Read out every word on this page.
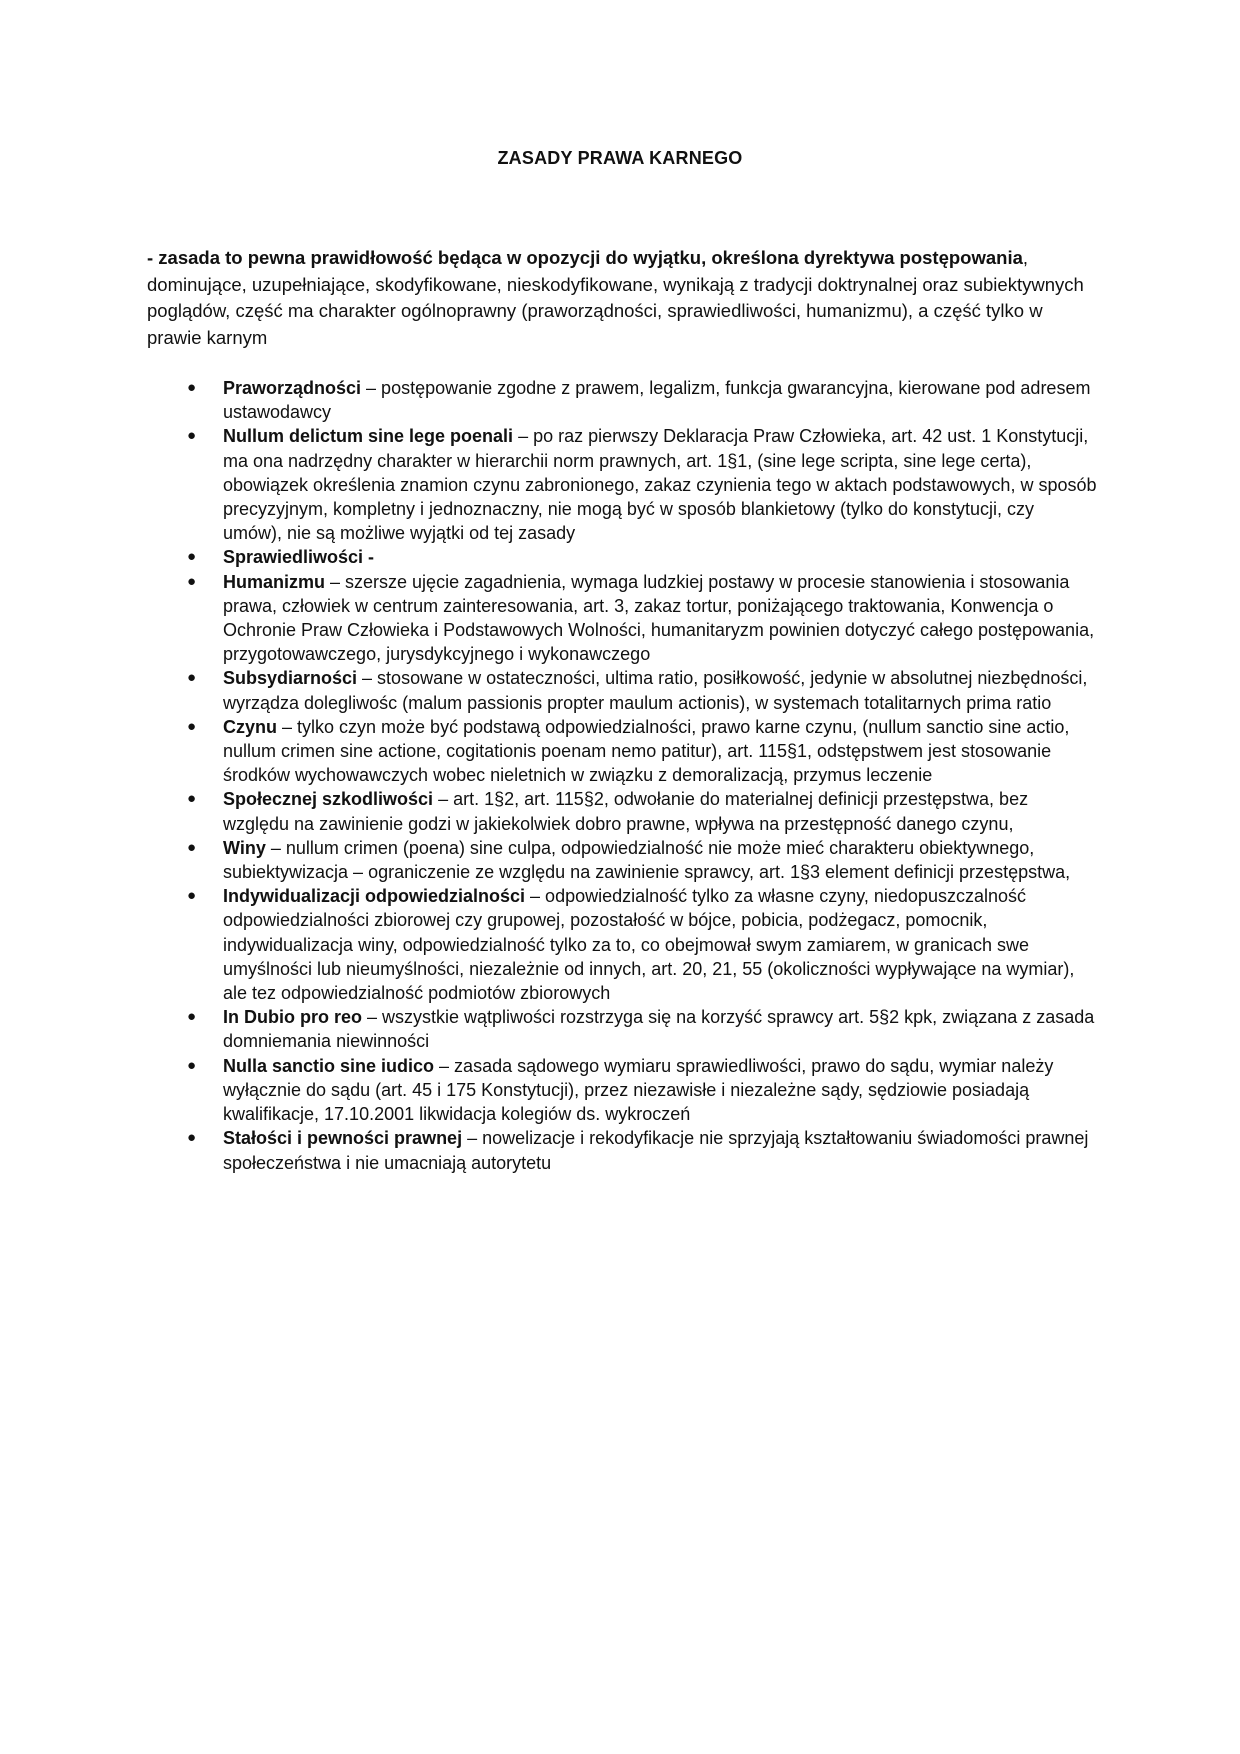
ZASADY PRAWA KARNEGO

- zasada to pewna prawidłowość będąca w opozycji do wyjątku, określona dyrektywa postępowania, dominujące, uzupełniające, skodyfikowane, nieskodyfikowane, wynikają z tradycji doktrynalnej oraz subiektywnych poglądów, część ma charakter ogólnoprawny (praworządności, sprawiedliwości, humanizmu), a część tylko w prawie karnym

● Praworządności – postępowanie zgodne z prawem, legalizm, funkcja gwarancyjna, kierowane pod adresem ustawodawcy
● Nullum delictum sine lege poenali – po raz pierwszy Deklaracja Praw Człowieka, art. 42 ust. 1 Konstytucji, ma ona nadrzędny charakter w hierarchii norm prawnych, art. 1§1, (sine lege scripta, sine lege certa), obowiązek określenia znamion czynu zabronionego, zakaz czynienia tego w aktach podstawowych, w sposób precyzyjnym, kompletny i jednoznaczny, nie mogą być w sposób blankietowy (tylko do konstytucji, czy umów), nie są możliwe wyjątki od tej zasady
● Sprawiedliwości -
● Humanizmu – szersze ujęcie zagadnienia, wymaga ludzkiej postawy w procesie stanowienia i stosowania prawa, człowiek w centrum zainteresowania, art. 3, zakaz tortur, poniżającego traktowania, Konwencja o Ochronie Praw Człowieka i Podstawowych Wolności, humanitaryzm powinien dotyczyć całego postępowania, przygotowawczego, jurysdykcyjnego i wykonawczego
● Subsydiarności – stosowane w ostateczności, ultima ratio, posiłkowość, jedynie w absolutnej niezbędności, wyrządza dolegliwośc (malum passionis propter maulum actionis), w systemach totalitarnych prima ratio
● Czynu – tylko czyn może być podstawą odpowiedzialności, prawo karne czynu, (nullum sanctio sine actio, nullum crimen sine actione, cogitationis poenam nemo patitur), art. 115§1, odstępstwem jest stosowanie środków wychowawczych wobec nieletnich w związku z demoralizacją, przymus leczenie
● Społecznej szkodliwości – art. 1§2, art. 115§2, odwołanie do materialnej definicji przestępstwa, bez względu na zawinienie godzi w jakiekolwiek dobro prawne, wpływa na przestępność danego czynu,
● Winy – nullum crimen (poena) sine culpa, odpowiedzialność nie może mieć charakteru obiektywnego, subiektywizacja – ograniczenie ze względu na zawinienie sprawcy, art. 1§3 element definicji przestępstwa,
● Indywidualizacji odpowiedzialności – odpowiedzialność tylko za własne czyny, niedopuszczalność odpowiedzialności zbiorowej czy grupowej, pozostałość w bójce, pobicia, podżegacz, pomocnik, indywidualizacja winy, odpowiedzialność tylko za to, co obejmował swym zamiarem, w granicach swe umyślności lub nieumyślności, niezależnie od innych, art. 20, 21, 55 (okoliczności wypływające na wymiar), ale tez odpowiedzialność podmiotów zbiorowych
● In Dubio pro reo – wszystkie wątpliwości rozstrzyga się na korzyść sprawcy art. 5§2 kpk, związana z zasada domniemania niewinności
● Nulla sanctio sine iudico – zasada sądowego wymiaru sprawiedliwości, prawo do sądu, wymiar należy wyłącznie do sądu (art. 45 i 175 Konstytucji), przez niezawisłe i niezależne sądy, sędziowie posiadają kwalifikacje, 17.10.2001 likwidacja kolegiów ds. wykroczeń
● Stałości i pewności prawnej – nowelizacje i rekodyfikacje nie sprzyjają kształtowaniu świadomości prawnej społeczeństwa i nie umacniają autorytetu
